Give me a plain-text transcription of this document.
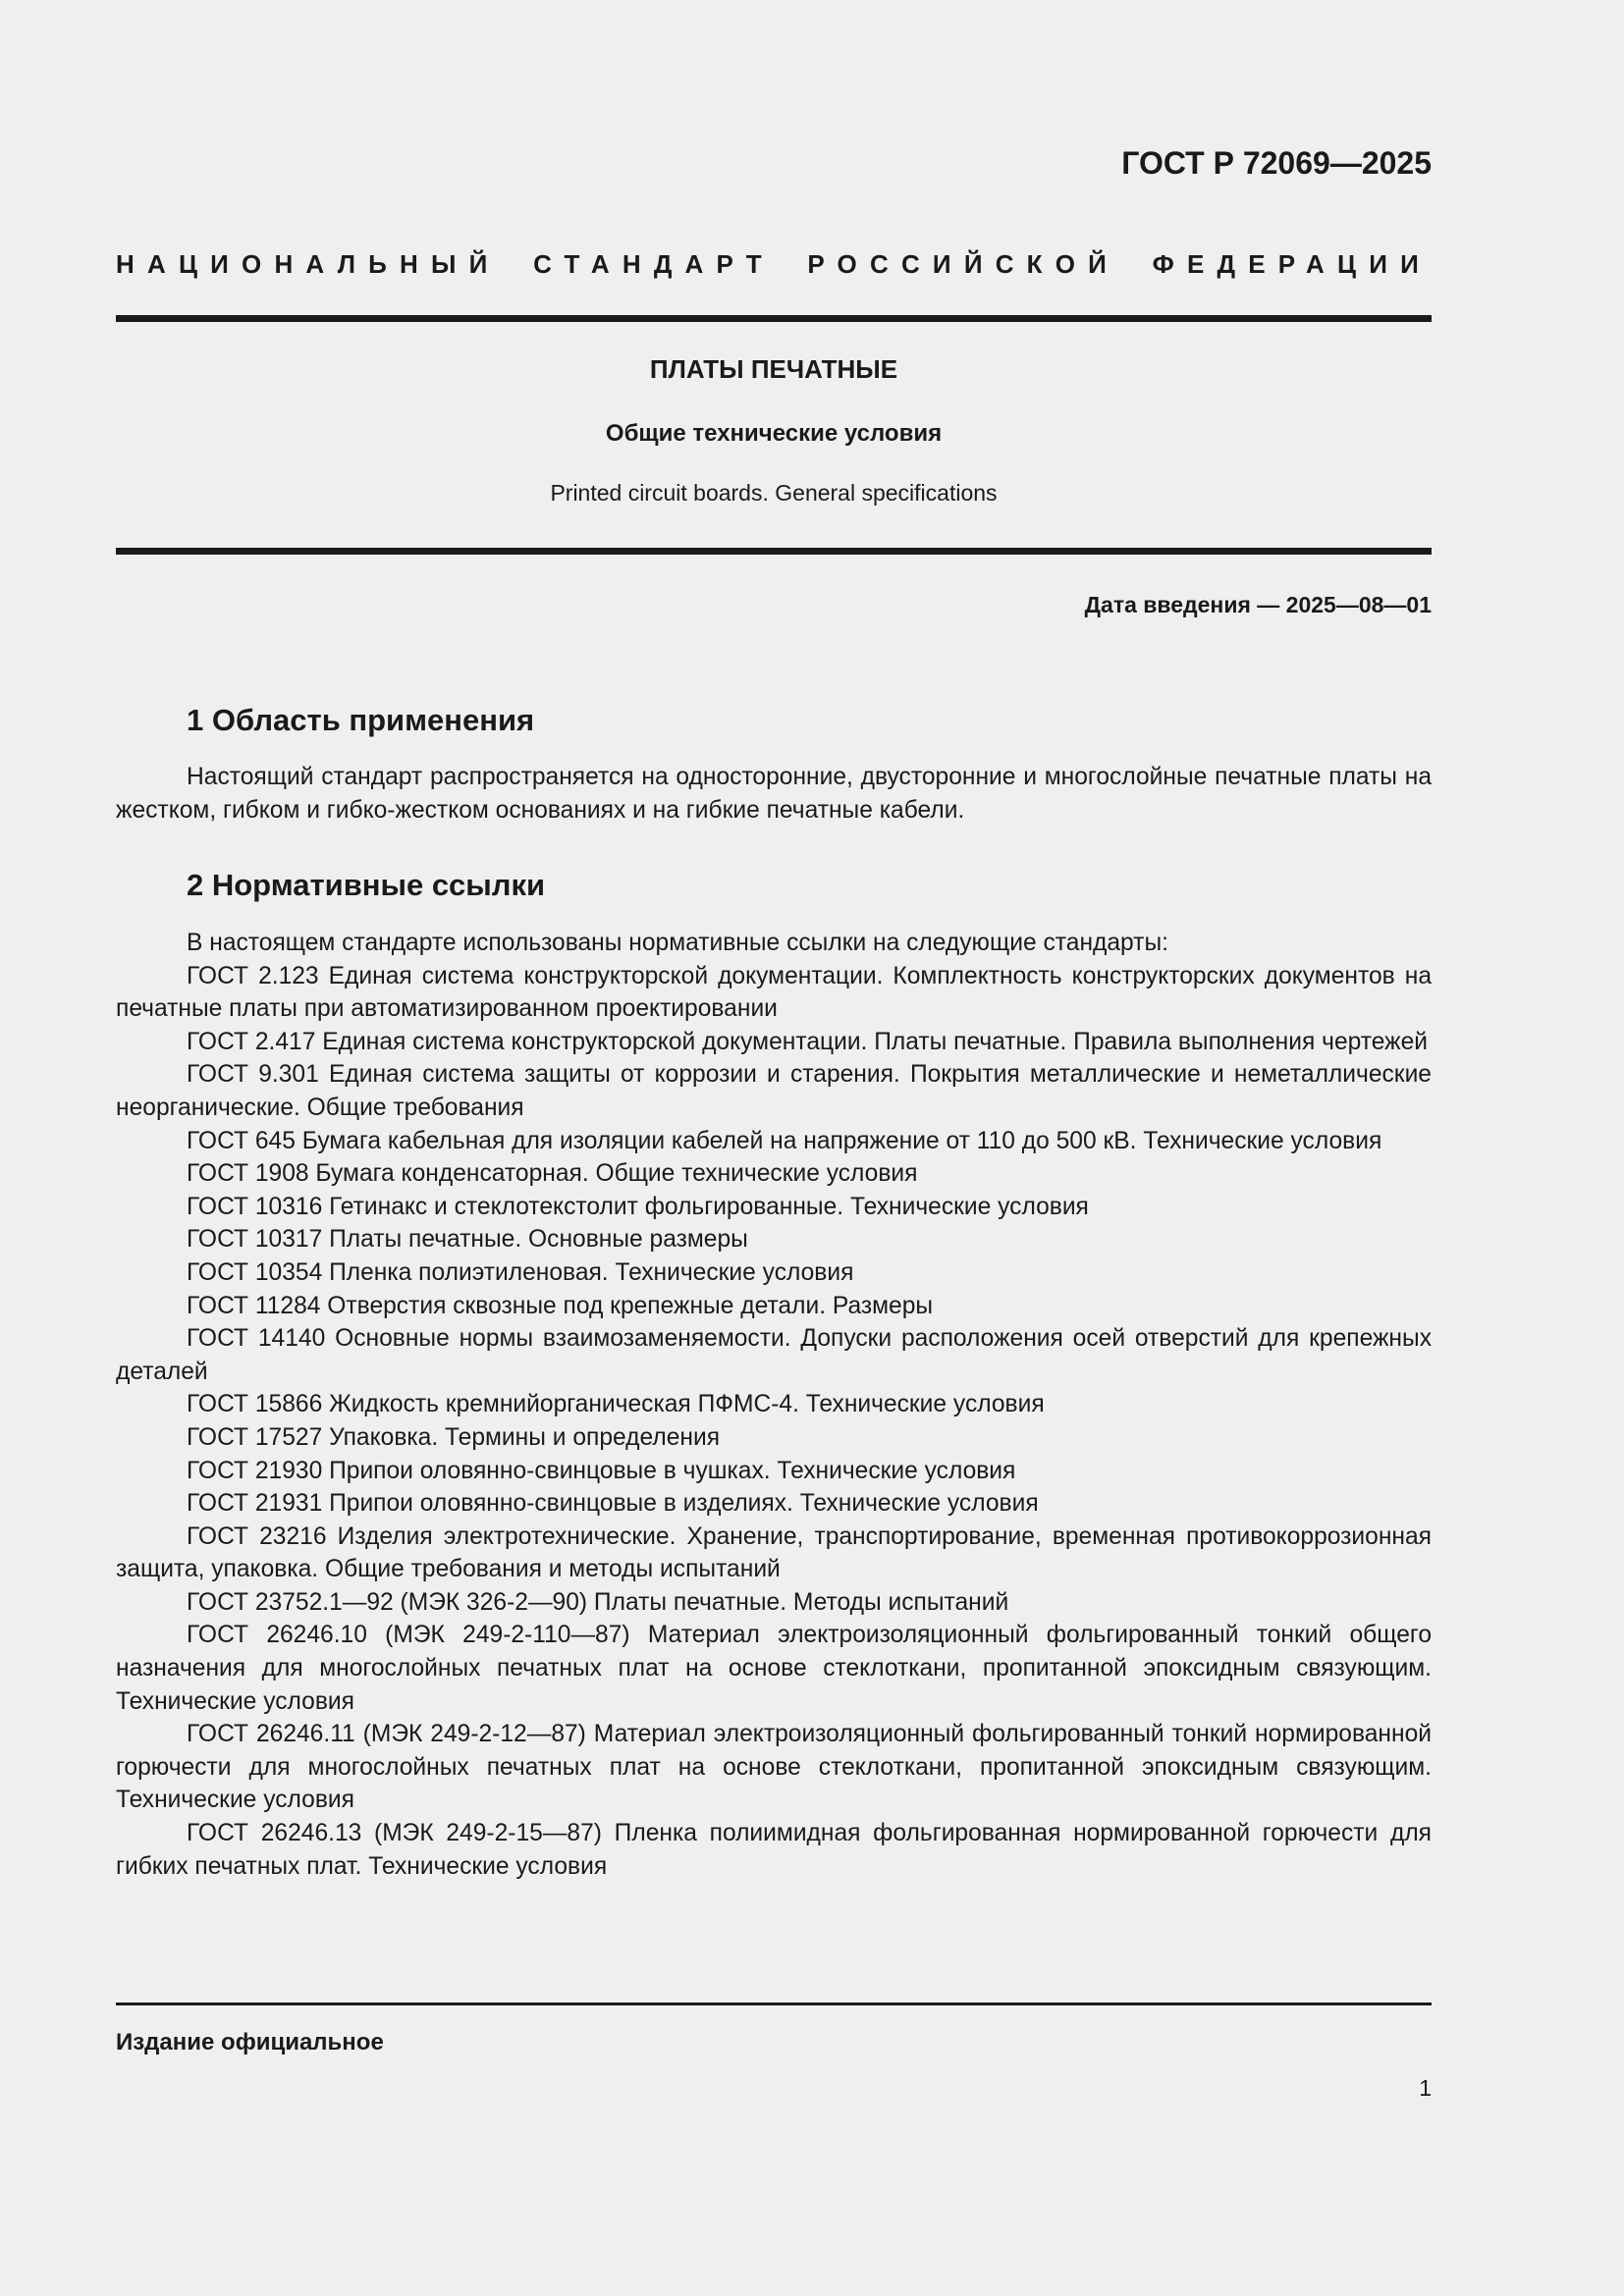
ГОСТ Р 72069—2025
НАЦИОНАЛЬНЫЙ СТАНДАРТ РОССИЙСКОЙ ФЕДЕРАЦИИ
ПЛАТЫ ПЕЧАТНЫЕ
Общие технические условия
Printed circuit boards. General specifications
Дата введения — 2025—08—01
1 Область применения

Настоящий стандарт распространяется на односторонние, двусторонние и многослойные печатные платы на жестком, гибком и гибко-жестком основаниях и на гибкие печатные кабели.

2 Нормативные ссылки
В настоящем стандарте использованы нормативные ссылки на следующие стандарты:
ГОСТ 2.123 Единая система конструкторской документации. Комплектность конструкторских документов на печатные платы при автоматизированном проектировании
ГОСТ 2.417 Единая система конструкторской документации. Платы печатные. Правила выполнения чертежей
ГОСТ 9.301 Единая система защиты от коррозии и старения. Покрытия металлические и неметаллические неорганические. Общие требования
ГОСТ 645 Бумага кабельная для изоляции кабелей на напряжение от 110 до 500 кВ. Технические условия
ГОСТ 1908 Бумага конденсаторная. Общие технические условия
ГОСТ 10316 Гетинакс и стеклотекстолит фольгированные. Технические условия
ГОСТ 10317 Платы печатные. Основные размеры
ГОСТ 10354 Пленка полиэтиленовая. Технические условия
ГОСТ 11284 Отверстия сквозные под крепежные детали. Размеры
ГОСТ 14140 Основные нормы взаимозаменяемости. Допуски расположения осей отверстий для крепежных деталей
ГОСТ 15866 Жидкость кремнийорганическая ПФМС-4. Технические условия
ГОСТ 17527 Упаковка. Термины и определения
ГОСТ 21930 Припои оловянно-свинцовые в чушках. Технические условия
ГОСТ 21931 Припои оловянно-свинцовые в изделиях. Технические условия
ГОСТ 23216 Изделия электротехнические. Хранение, транспортирование, временная противокоррозионная защита, упаковка. Общие требования и методы испытаний
ГОСТ 23752.1—92 (МЭК 326-2—90) Платы печатные. Методы испытаний
ГОСТ 26246.10 (МЭК 249-2-110—87) Материал электроизоляционный фольгированный тонкий общего назначения для многослойных печатных плат на основе стеклоткани, пропитанной эпоксидным связующим. Технические условия
ГОСТ 26246.11 (МЭК 249-2-12—87) Материал электроизоляционный фольгированный тонкий нормированной горючести для многослойных печатных плат на основе стеклоткани, пропитанной эпоксидным связующим. Технические условия
ГОСТ 26246.13 (МЭК 249-2-15—87) Пленка полиимидная фольгированная нормированной горючести для гибких печатных плат. Технические условия
Издание официальное
1
